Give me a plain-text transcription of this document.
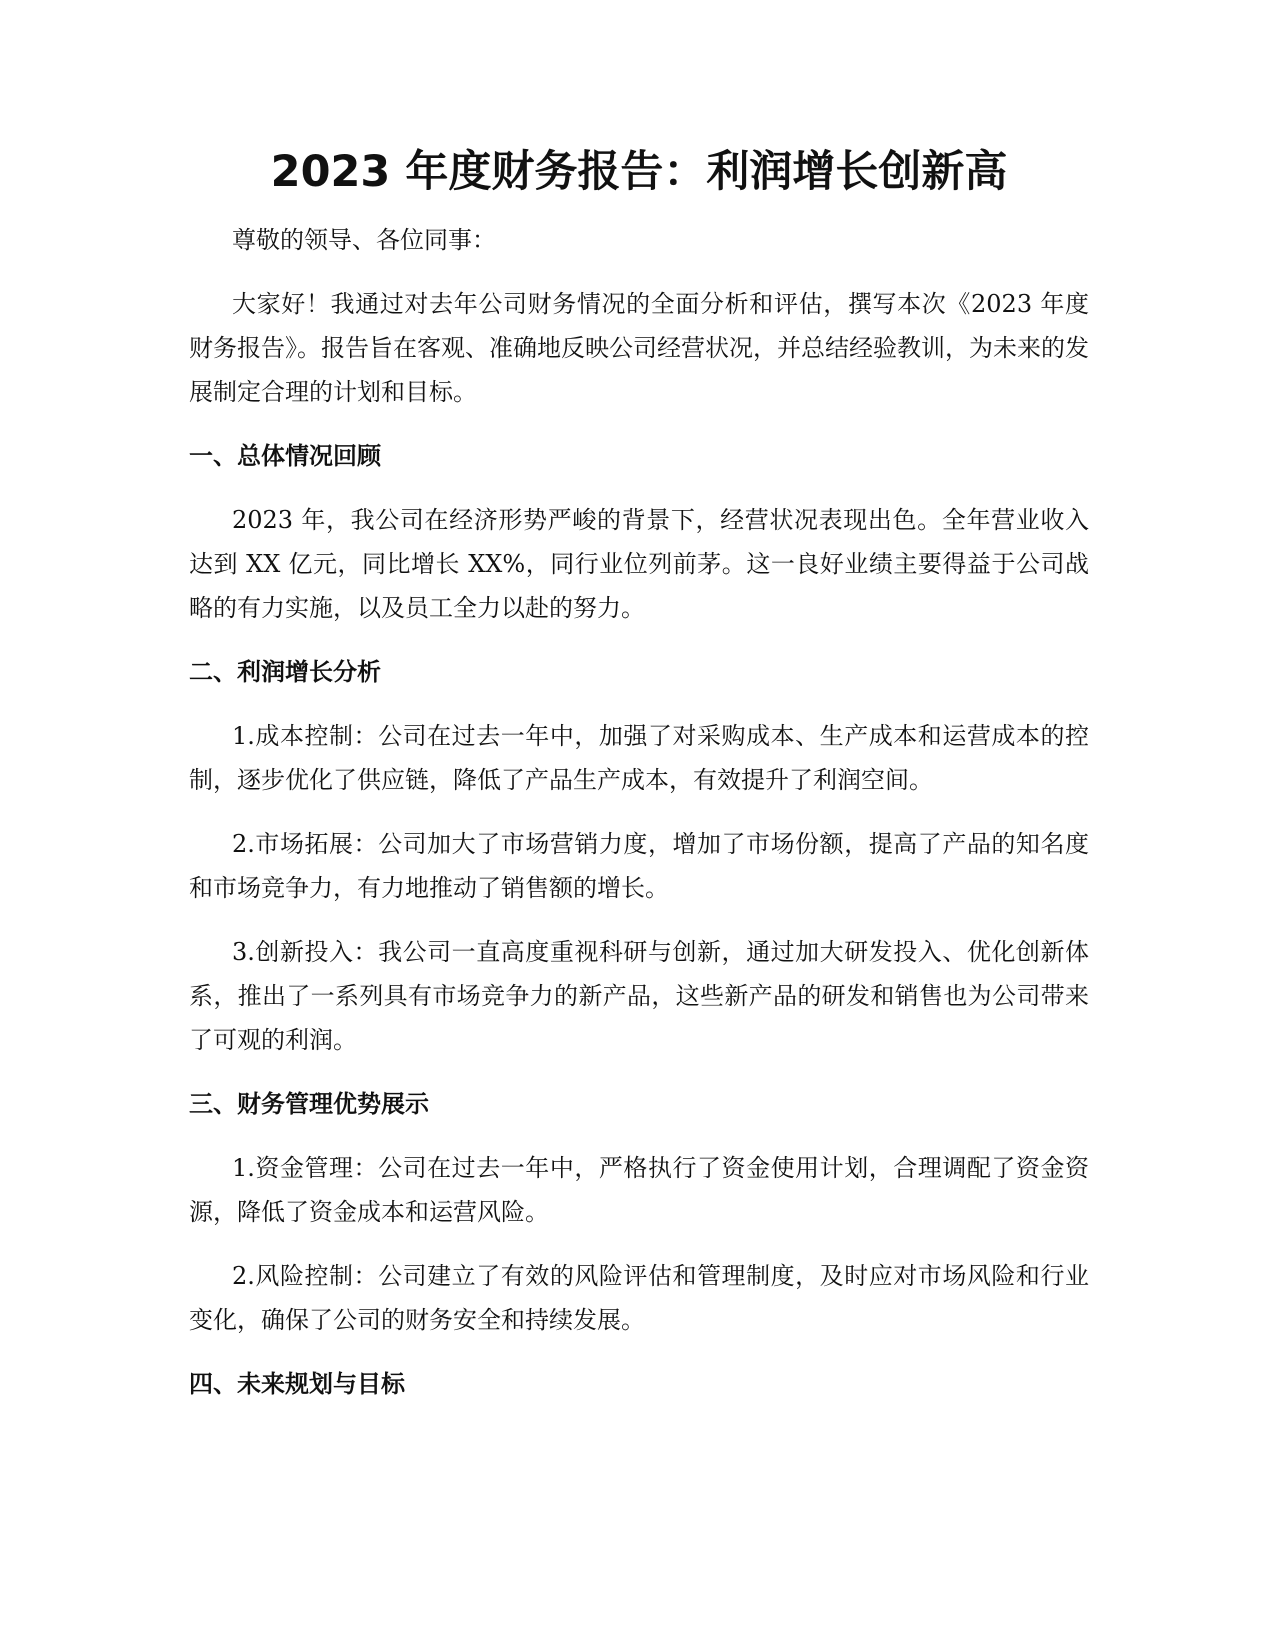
2023 年度财务报告：利润增长创新高

尊敬的领导、各位同事：

大家好！我通过对去年公司财务情况的全面分析和评估，撰写本次《2023 年度财务报告》。报告旨在客观、准确地反映公司经营状况，并总结经验教训，为未来的发展制定合理的计划和目标。

一、总体情况回顾

2023 年，我公司在经济形势严峻的背景下，经营状况表现出色。全年营业收入达到 XX 亿元，同比增长 XX%，同行业位列前茅。这一良好业绩主要得益于公司战略的有力实施，以及员工全力以赴的努力。

二、利润增长分析

1.成本控制：公司在过去一年中，加强了对采购成本、生产成本和运营成本的控制，逐步优化了供应链，降低了产品生产成本，有效提升了利润空间。

2.市场拓展：公司加大了市场营销力度，增加了市场份额，提高了产品的知名度和市场竞争力，有力地推动了销售额的增长。

3.创新投入：我公司一直高度重视科研与创新，通过加大研发投入、优化创新体系，推出了一系列具有市场竞争力的新产品，这些新产品的研发和销售也为公司带来了可观的利润。

三、财务管理优势展示

1.资金管理：公司在过去一年中，严格执行了资金使用计划，合理调配了资金资源，降低了资金成本和运营风险。

2.风险控制：公司建立了有效的风险评估和管理制度，及时应对市场风险和行业变化，确保了公司的财务安全和持续发展。

四、未来规划与目标
